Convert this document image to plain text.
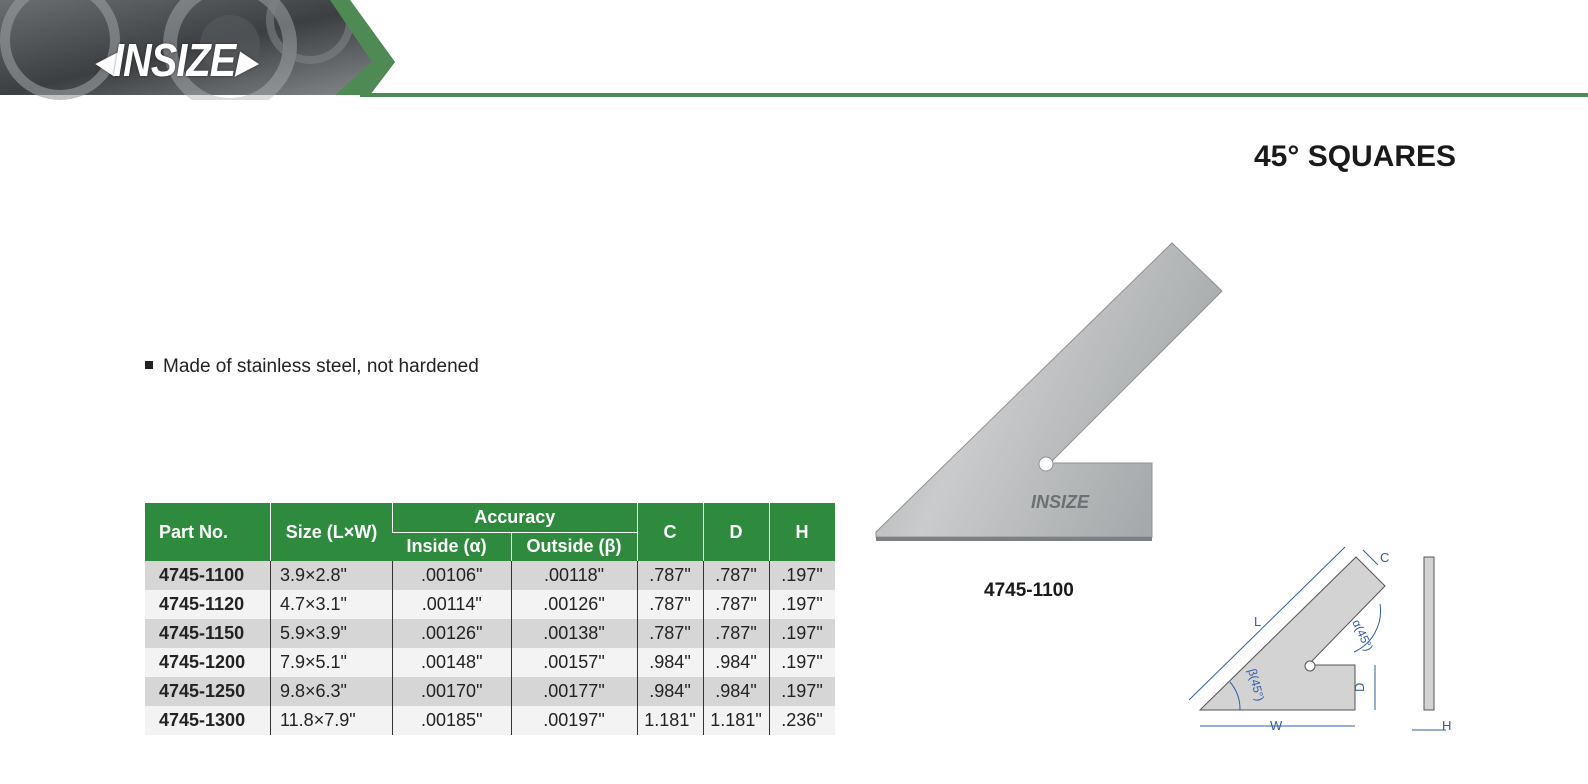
◂INSIZE▸
45° SQUARES
Made of stainless steel, not hardened
Part No.	Size (L×W)	Accuracy		C	D	H
		Inside (α)	Outside (β)			
4745-1100	3.9×2.8"	.00106"	.00118"	.787"	.787"	.197"
4745-1120	4.7×3.1"	.00114"	.00126"	.787"	.787"	.197"
4745-1150	5.9×3.9"	.00126"	.00138"	.787"	.787"	.197"
4745-1200	7.9×5.1"	.00148"	.00157"	.984"	.984"	.197"
4745-1250	9.8×6.3"	.00170"	.00177"	.984"	.984"	.197"
4745-1300	11.8×7.9"	.00185"	.00197"	1.181"	1.181"	.236"
INSIZE
4745-1100
C
L	α(45°)
β(45°)	D
W	H
